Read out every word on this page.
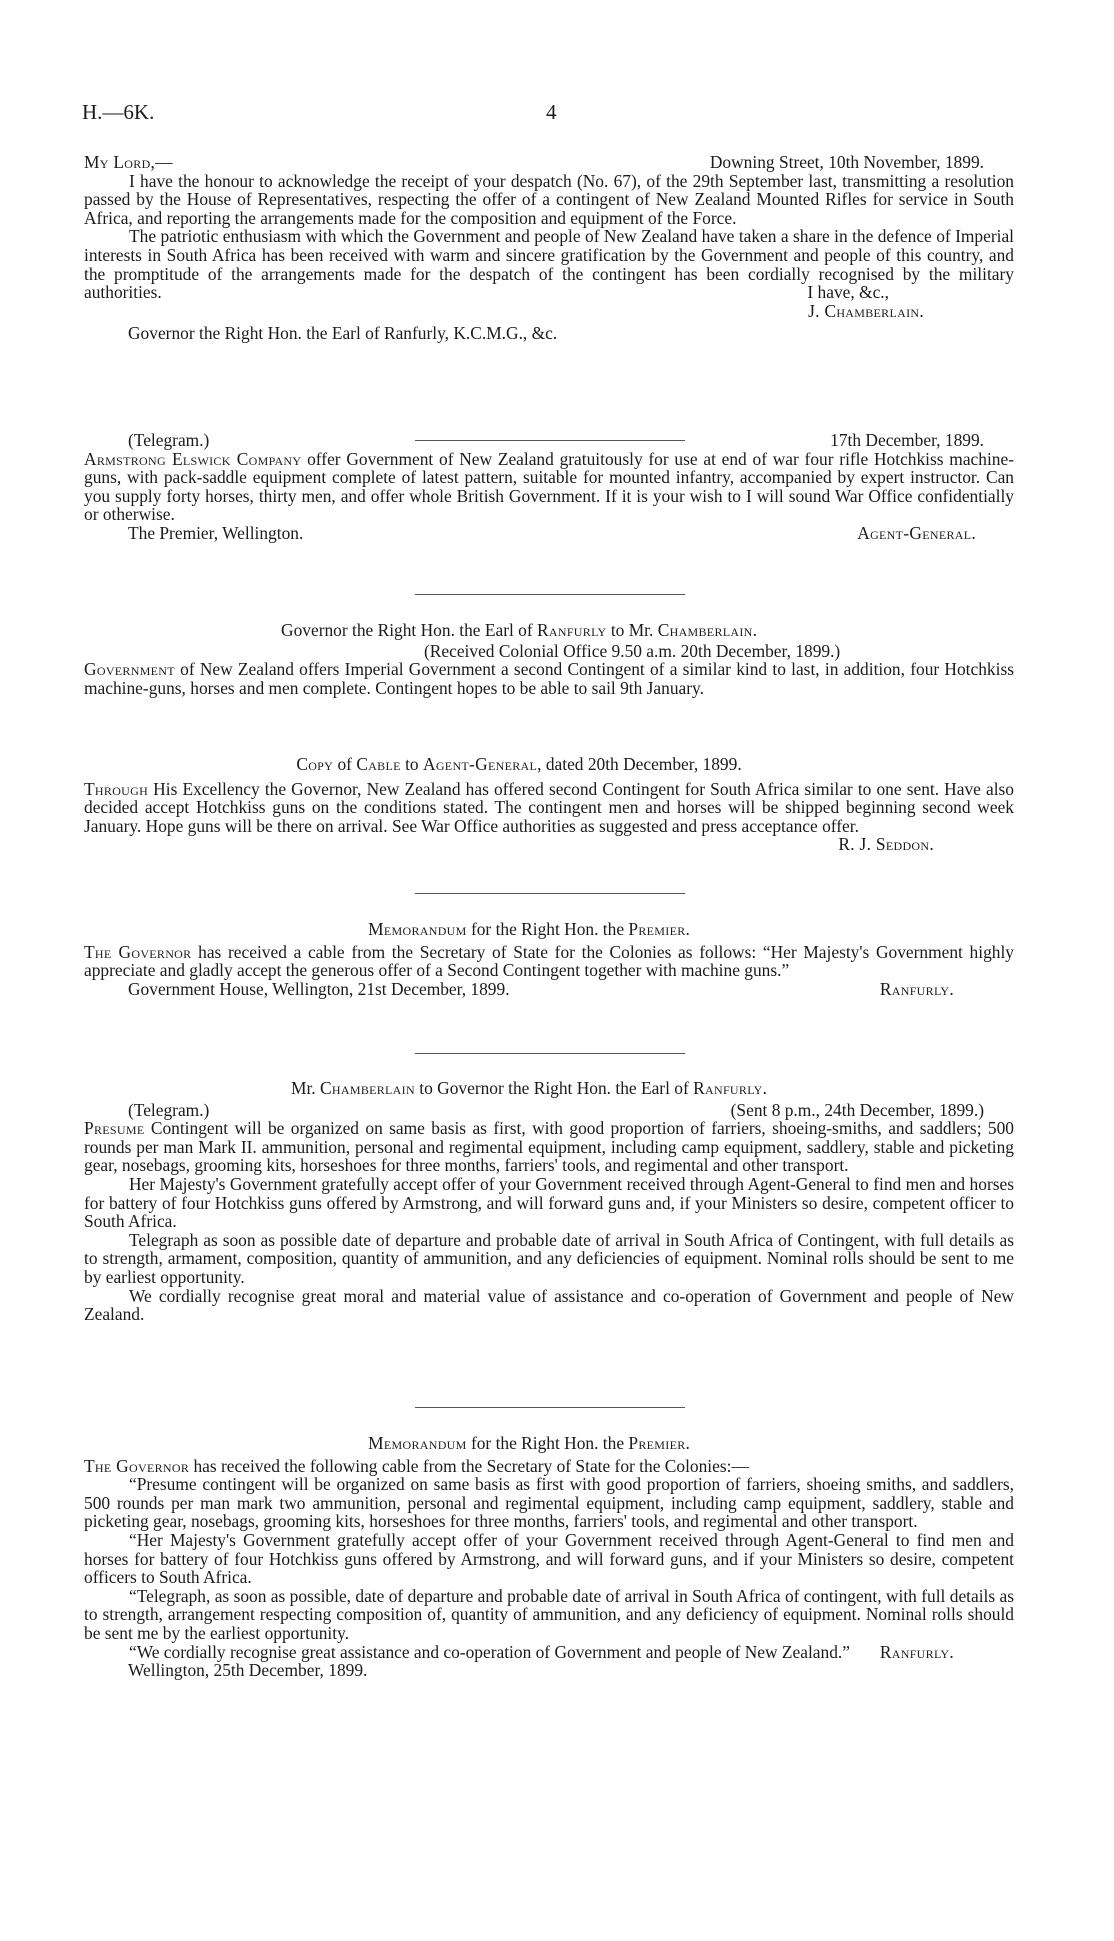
H.—6K.	4
My Lord,—	Downing Street, 10th November, 1899.

I have the honour to acknowledge the receipt of your despatch (No. 67), of the 29th September last, transmitting a resolution passed by the House of Representatives, respecting the offer of a contingent of New Zealand Mounted Rifles for service in South Africa, and reporting the arrangements made for the composition and equipment of the Force.

The patriotic enthusiasm with which the Government and people of New Zealand have taken a share in the defence of Imperial interests in South Africa has been received with warm and sincere gratification by the Government and people of this country, and the promptitude of the arrangements made for the despatch of the contingent has been cordially recognised by the military authorities.	I have, &c.,
J. Chamberlain.
Governor the Right Hon. the Earl of Ranfurly, K.C.M.G., &c.
(Telegram.)	17th December, 1899.

Armstrong Elswick Company offer Government of New Zealand gratuitously for use at end of war four rifle Hotchkiss machine-guns, with pack-saddle equipment complete of latest pattern, suitable for mounted infantry, accompanied by expert instructor. Can you supply forty horses, thirty men, and offer whole British Government. If it is your wish to I will sound War Office confidentially or otherwise.

The Premier, Wellington.	Agent-General.
Governor the Right Hon. the Earl of Ranfurly to Mr. Chamberlain.
(Received Colonial Office 9.50 a.m. 20th December, 1899.)

Government of New Zealand offers Imperial Government a second Contingent of a similar kind to last, in addition, four Hotchkiss machine-guns, horses and men complete. Contingent hopes to be able to sail 9th January.

Copy of Cable to Agent-General, dated 20th December, 1899.

Through His Excellency the Governor, New Zealand has offered second Contingent for South Africa similar to one sent. Have also decided accept Hotchkiss guns on the conditions stated. The contingent men and horses will be shipped beginning second week January. Hope guns will be there on arrival. See War Office authorities as suggested and press acceptance offer.

R. J. Seddon.
Memorandum for the Right Hon. the Premier.

The Governor has received a cable from the Secretary of State for the Colonies as follows: “Her Majesty's Government highly appreciate and gladly accept the generous offer of a Second Contingent together with machine guns.”

Government House, Wellington, 21st December, 1899.	Ranfurly.
Mr. Chamberlain to Governor the Right Hon. the Earl of Ranfurly.
(Telegram.)	(Sent 8 p.m., 24th December, 1899.)

Presume Contingent will be organized on same basis as first, with good proportion of farriers, shoeing-smiths, and saddlers; 500 rounds per man Mark II. ammunition, personal and regimental equipment, including camp equipment, saddlery, stable and picketing gear, nosebags, grooming kits, horseshoes for three months, farriers' tools, and regimental and other transport.

Her Majesty's Government gratefully accept offer of your Government received through Agent-General to find men and horses for battery of four Hotchkiss guns offered by Armstrong, and will forward guns and, if your Ministers so desire, competent officer to South Africa.

Telegraph as soon as possible date of departure and probable date of arrival in South Africa of Contingent, with full details as to strength, armament, composition, quantity of ammunition, and any deficiencies of equipment. Nominal rolls should be sent to me by earliest opportunity.

We cordially recognise great moral and material value of assistance and co-operation of Government and people of New Zealand.

Memorandum for the Right Hon. the Premier.

The Governor has received the following cable from the Secretary of State for the Colonies:—

“Presume contingent will be organized on same basis as first with good proportion of farriers, shoeing smiths, and saddlers, 500 rounds per man mark two ammunition, personal and regimental equipment, including camp equipment, saddlery, stable and picketing gear, nosebags, grooming kits, horseshoes for three months, farriers' tools, and regimental and other transport.

“Her Majesty's Government gratefully accept offer of your Government received through Agent-General to find men and horses for battery of four Hotchkiss guns offered by Armstrong, and will forward guns, and if your Ministers so desire, competent officers to South Africa.

“Telegraph, as soon as possible, date of departure and probable date of arrival in South Africa of contingent, with full details as to strength, arrangement respecting composition of, quantity of ammunition, and any deficiency of equipment. Nominal rolls should be sent me by the earliest opportunity.

“We cordially recognise great assistance and co-operation of Government and people of New Zealand.”	Ranfurly.
Wellington, 25th December, 1899.
